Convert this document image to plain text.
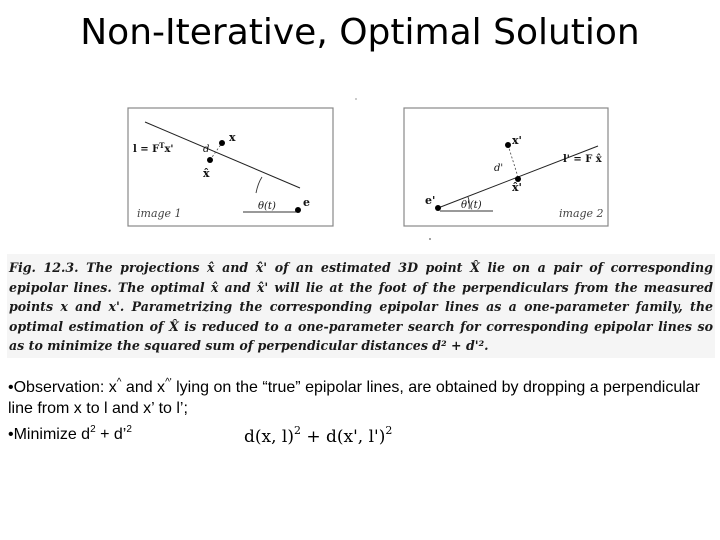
Non-Iterative, Optimal Solution
$l = F^Tx'$
x
x̂
d
θ(t) e
image 1
x'
x̂'
d'
l' = F x̂
θ'(t)
e'
image 2

Fig. 12.3. The projections x̂ and x̂' of an estimated 3D point X̂ lie on a pair of corresponding epipolar lines. The optimal x̂ and x̂' will lie at the foot of the perpendiculars from the measured points x and x'. Parametrizing the corresponding epipolar lines as a one-parameter family, the optimal estimation of X̂ is reduced to a one-parameter search for corresponding epipolar lines so as to minimize the squared sum of perpendicular distances d² + d'².

•Observation: x^ and x^' lying on the “true” epipolar lines, are obtained by dropping a perpendicular line from x to l and x’ to l’;
•Minimize $d^2$ + d’$^2$	d(x, l)$^2$ + d(x', l')$^2$
